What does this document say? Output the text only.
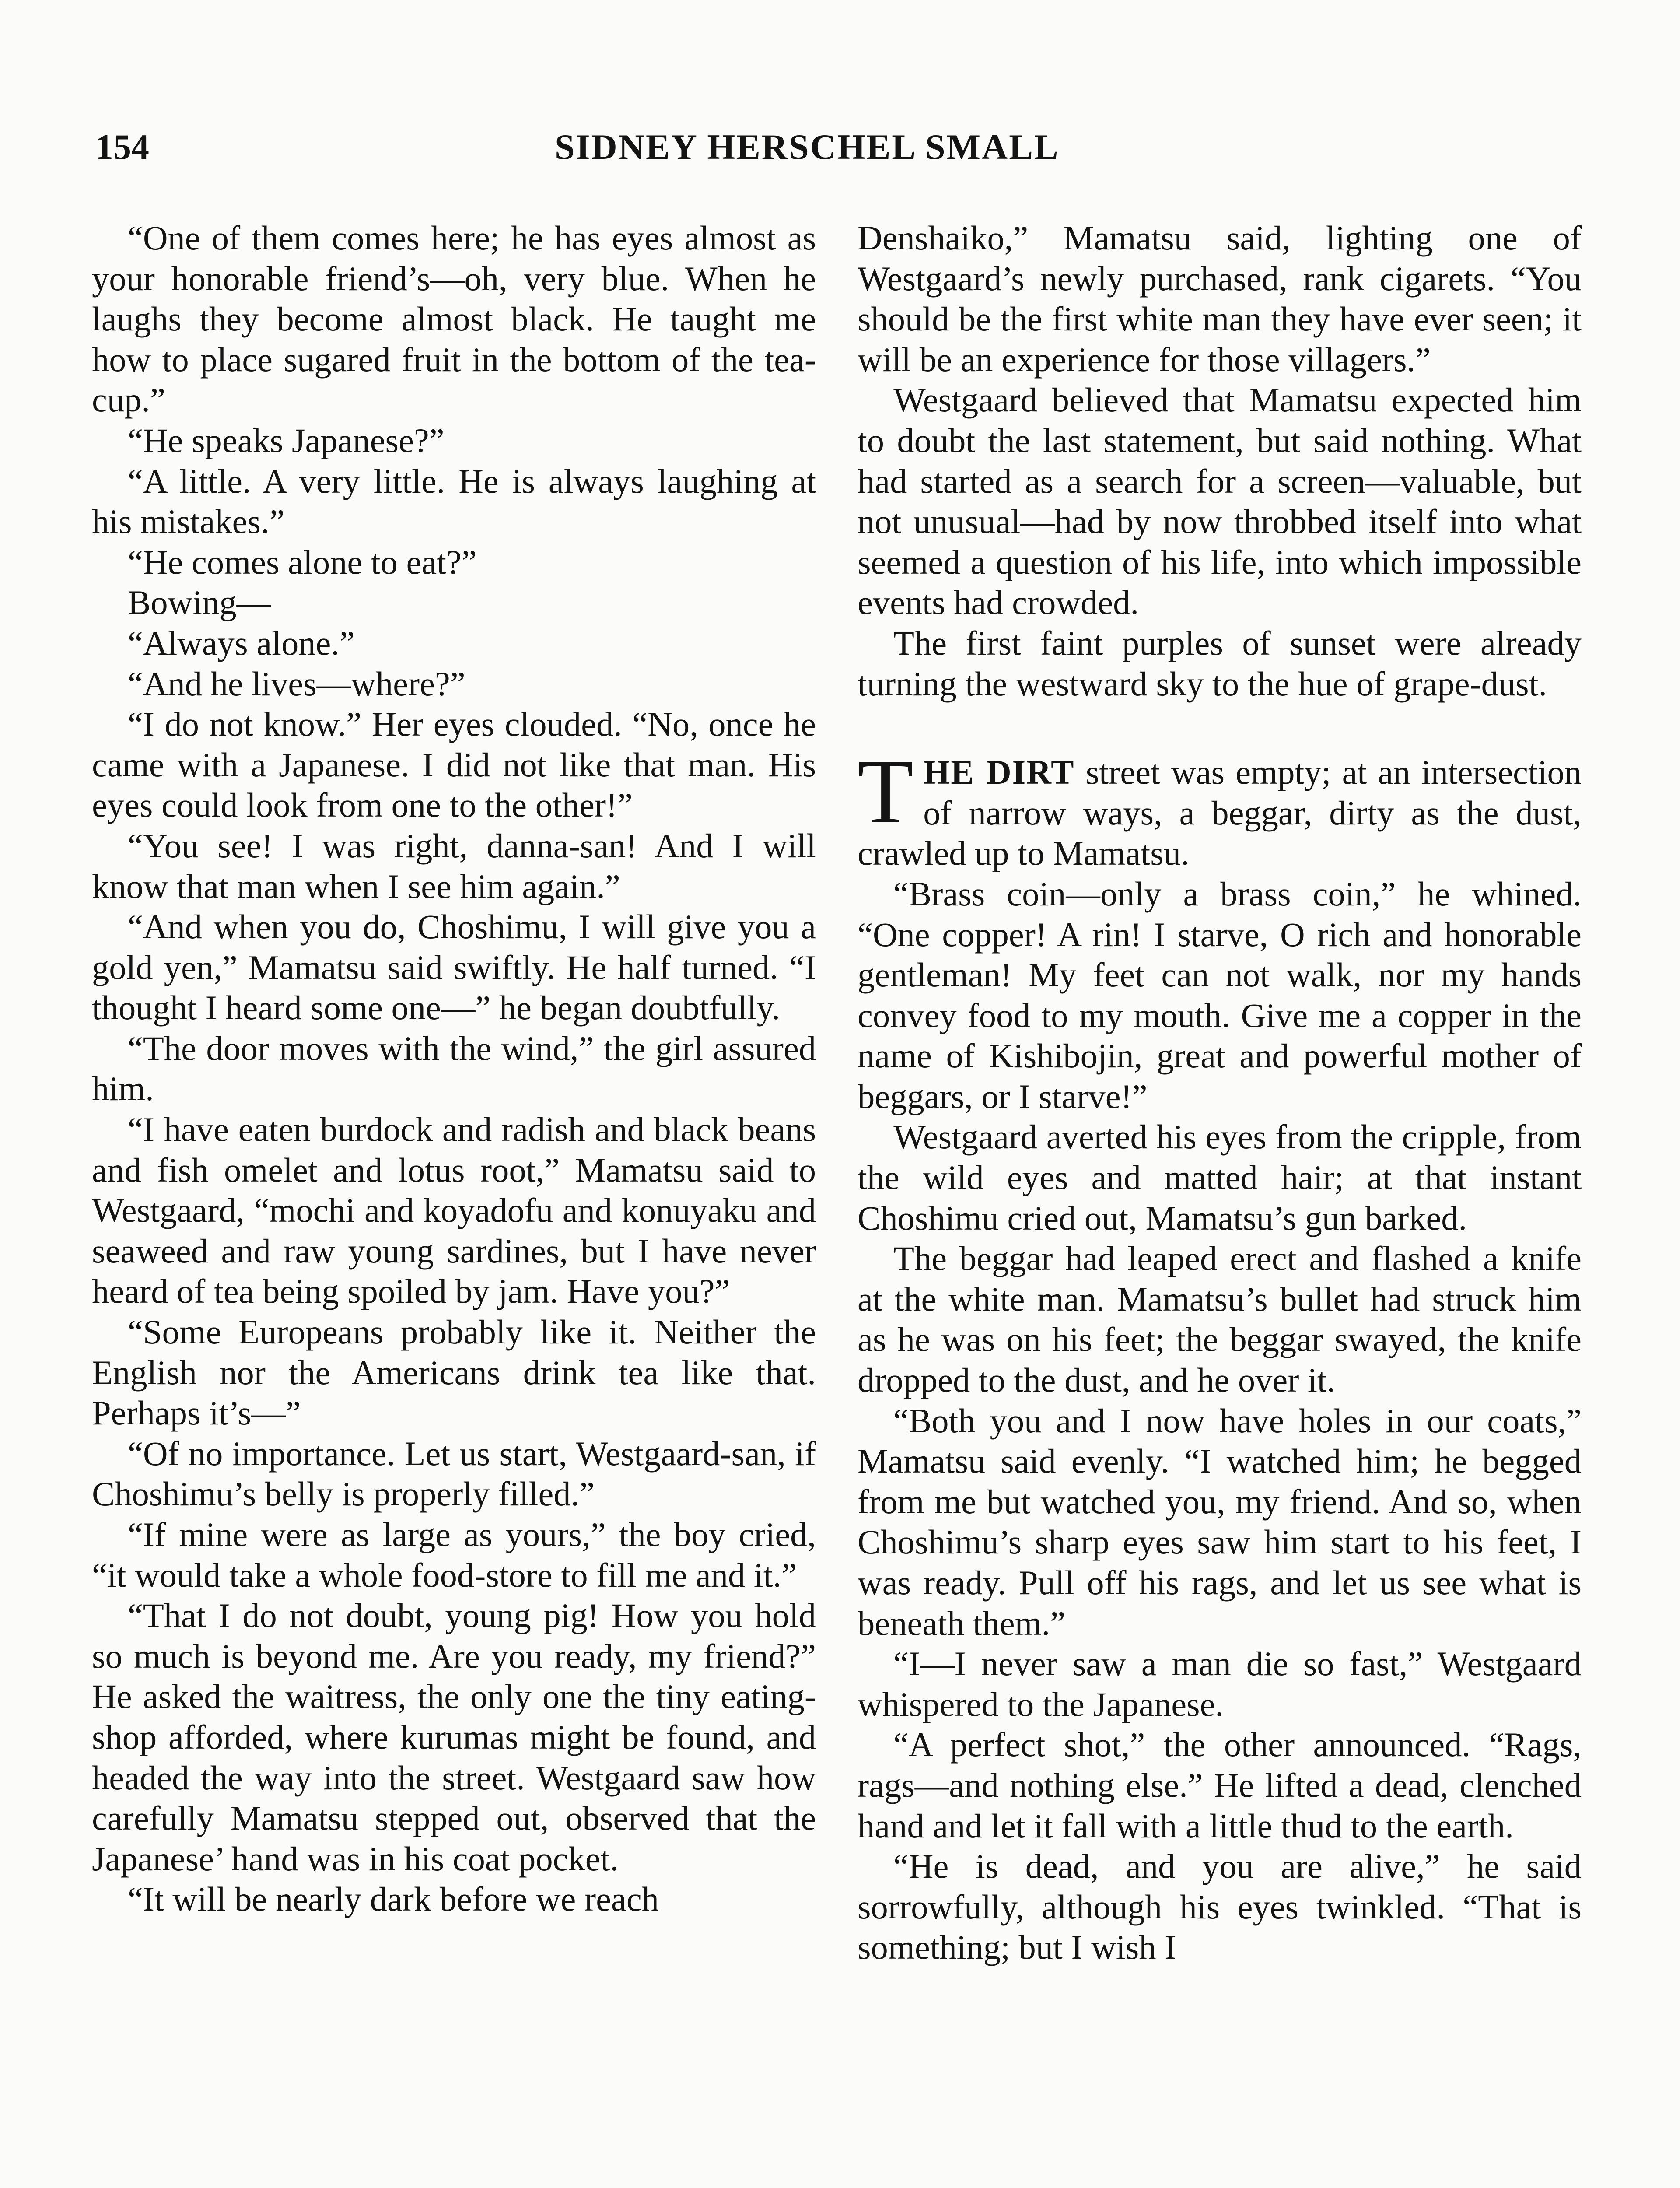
154	SIDNEY HERSCHEL SMALL

“One of them comes here; he has eyes almost as your honorable friend’s—oh, very blue. When he laughs they become almost black. He taught me how to place sugared fruit in the bottom of the tea-cup.”

“He speaks Japanese?”

“A little. A very little. He is always laughing at his mistakes.”

“He comes alone to eat?”

Bowing—

“Always alone.”

“And he lives—where?”

“I do not know.” Her eyes clouded. “No, once he came with a Japanese. I did not like that man. His eyes could look from one to the other!”

“You see! I was right, danna-san! And I will know that man when I see him again.”

“And when you do, Choshimu, I will give you a gold yen,” Mamatsu said swiftly. He half turned. “I thought I heard some one—” he began doubtfully.

“The door moves with the wind,” the girl assured him.

“I have eaten burdock and radish and black beans and fish omelet and lotus root,” Mamatsu said to Westgaard, “mochi and koyadofu and konuyaku and seaweed and raw young sardines, but I have never heard of tea being spoiled by jam. Have you?”

“Some Europeans probably like it. Neither the English nor the Americans drink tea like that. Perhaps it’s—”

“Of no importance. Let us start, Westgaard-san, if Choshimu’s belly is properly filled.”

“If mine were as large as yours,” the boy cried, “it would take a whole food-store to fill me and it.”

“That I do not doubt, young pig! How you hold so much is beyond me. Are you ready, my friend?” He asked the waitress, the only one the tiny eating-shop afforded, where kurumas might be found, and headed the way into the street. Westgaard saw how carefully Mamatsu stepped out, observed that the Japanese’ hand was in his coat pocket.

“It will be nearly dark before we reach

Denshaiko,” Mamatsu said, lighting one of Westgaard’s newly purchased, rank cigarets. “You should be the first white man they have ever seen; it will be an experience for those villagers.”

Westgaard believed that Mamatsu expected him to doubt the last statement, but said nothing. What had started as a search for a screen—valuable, but not unusual—had by now throbbed itself into what seemed a question of his life, into which impossible events had crowded.

The first faint purples of sunset were already turning the westward sky to the hue of grape-dust.

THE DIRT street was empty; at an intersection of narrow ways, a beggar, dirty as the dust, crawled up to Mamatsu.

“Brass coin—only a brass coin,” he whined. “One copper! A rin! I starve, O rich and honorable gentleman! My feet can not walk, nor my hands convey food to my mouth. Give me a copper in the name of Kishibojin, great and powerful mother of beggars, or I starve!”

Westgaard averted his eyes from the cripple, from the wild eyes and matted hair; at that instant Choshimu cried out, Mamatsu’s gun barked.

The beggar had leaped erect and flashed a knife at the white man. Mamatsu’s bullet had struck him as he was on his feet; the beggar swayed, the knife dropped to the dust, and he over it.

“Both you and I now have holes in our coats,” Mamatsu said evenly. “I watched him; he begged from me but watched you, my friend. And so, when Choshimu’s sharp eyes saw him start to his feet, I was ready. Pull off his rags, and let us see what is beneath them.”

“I—I never saw a man die so fast,” Westgaard whispered to the Japanese.

“A perfect shot,” the other announced. “Rags, rags—and nothing else.” He lifted a dead, clenched hand and let it fall with a little thud to the earth.

“He is dead, and you are alive,” he said sorrowfully, although his eyes twinkled. “That is something; but I wish I
